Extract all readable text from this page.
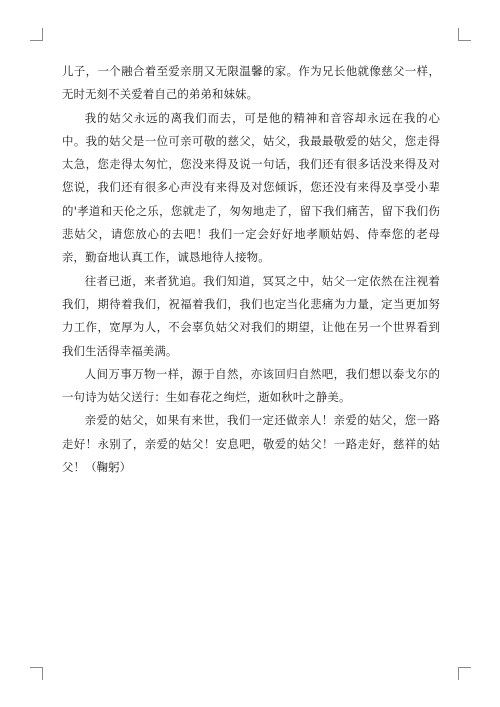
儿子，一个融合着至爱亲朋又无限温馨的家。作为兄长他就像慈父一样，无时无刻不关爱着自己的弟弟和妹妹。

我的姑父永远的离我们而去，可是他的精神和音容却永远在我的心中。我的姑父是一位可亲可敬的慈父，姑父，我最最敬爱的姑父，您走得太急，您走得太匆忙，您没来得及说一句话，我们还有很多话没来得及对您说，我们还有很多心声没有来得及对您倾诉，您还没有来得及享受小辈的'孝道和天伦之乐，您就走了，匆匆地走了，留下我们痛苦，留下我们伤悲姑父，请您放心的去吧！我们一定会好好地孝顺姑妈、侍奉您的老母亲，勤奋地认真工作，诚恳地待人接物。

往者已逝，来者犹追。我们知道，冥冥之中，姑父一定依然在注视着我们，期待着我们，祝福着我们，我们也定当化悲痛为力量，定当更加努力工作，宽厚为人，不会辜负姑父对我们的期望，让他在另一个世界看到我们生活得幸福美满。

人间万事万物一样，源于自然，亦该回归自然吧，我们想以泰戈尔的一句诗为姑父送行：生如春花之绚烂，逝如秋叶之静美。

亲爱的姑父，如果有来世，我们一定还做亲人！亲爱的姑父，您一路走好！永别了，亲爱的姑父！安息吧，敬爱的姑父！一路走好，慈祥的姑父！（鞠躬）
